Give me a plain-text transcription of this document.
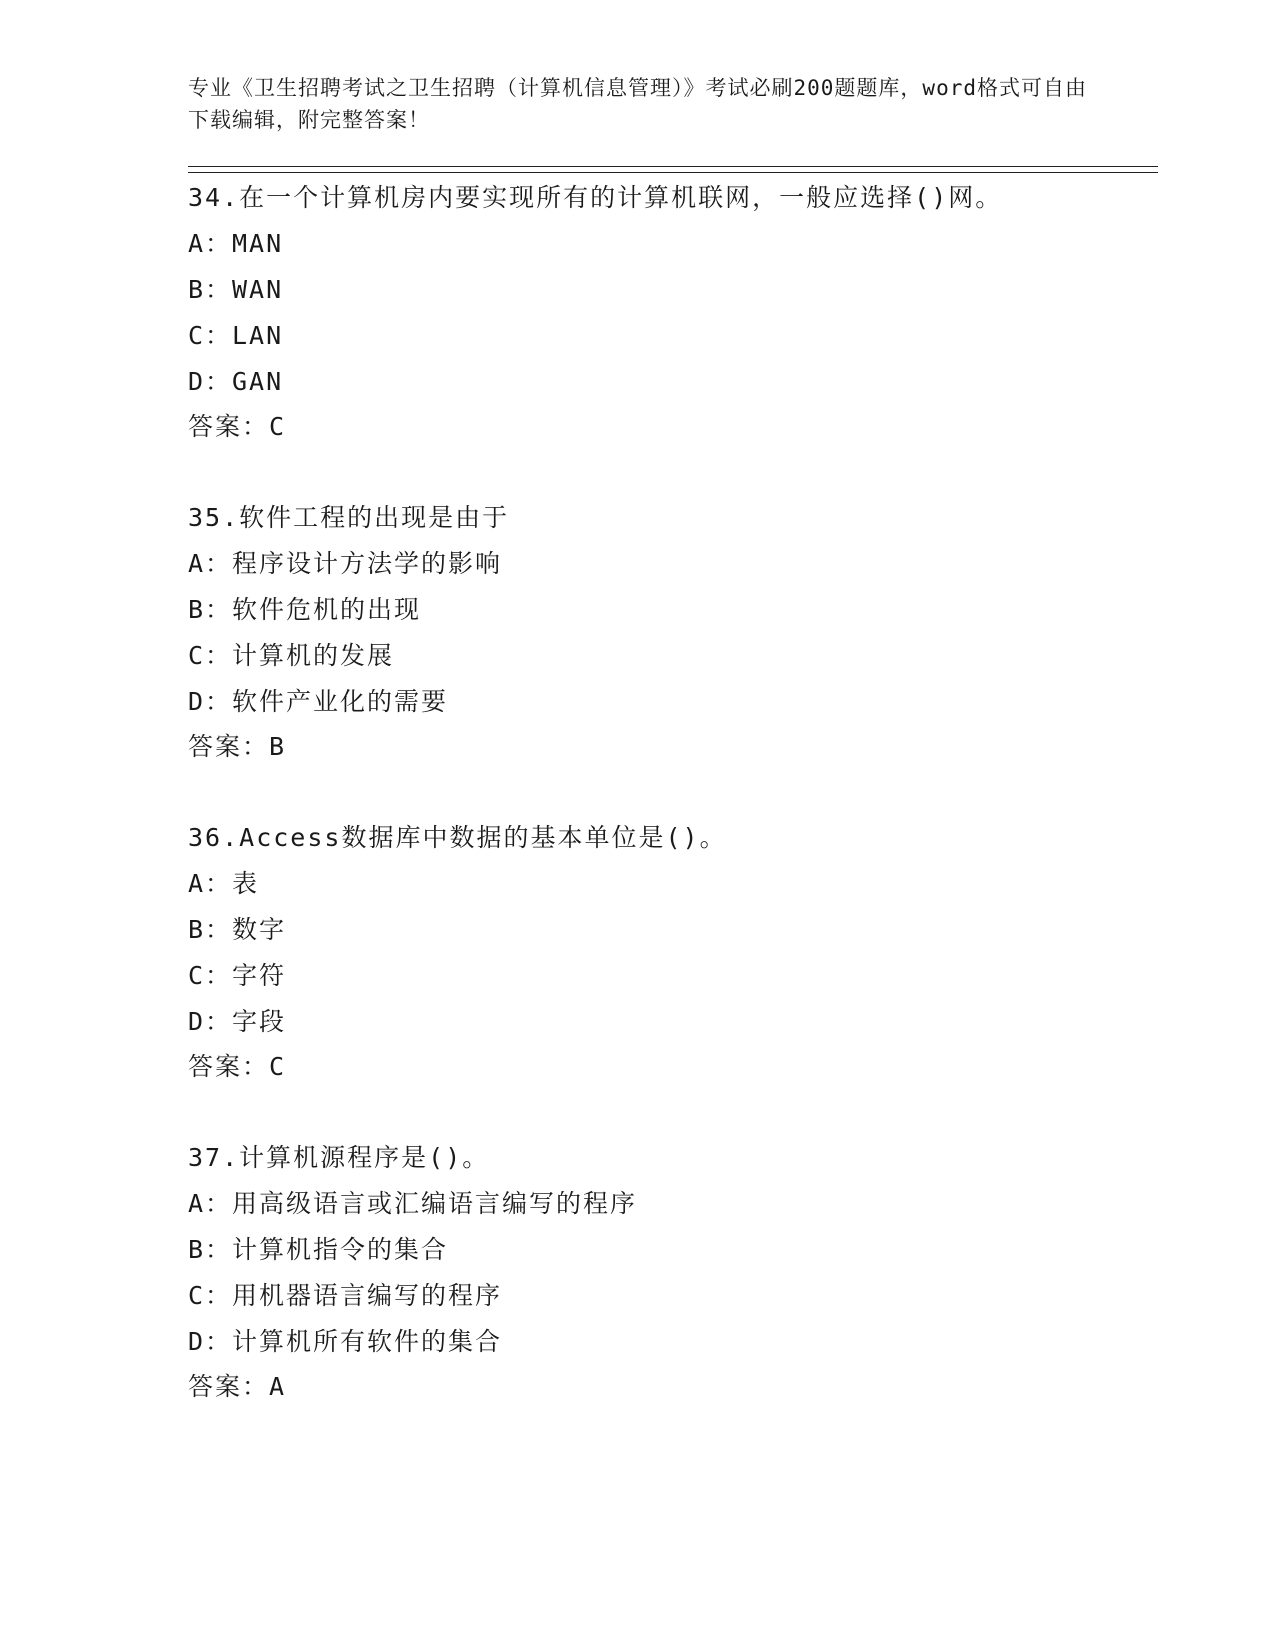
专业《卫生招聘考试之卫生招聘（计算机信息管理）》考试必刷200题题库，word格式可自由下载编辑，附完整答案！
34.在一个计算机房内要实现所有的计算机联网，一般应选择()网。
A：MAN
B：WAN
C：LAN
D：GAN
答案：C
35.软件工程的出现是由于
A：程序设计方法学的影响
B：软件危机的出现
C：计算机的发展
D：软件产业化的需要
答案：B
36.Access数据库中数据的基本单位是()。
A：表
B：数字
C：字符
D：字段
答案：C
37.计算机源程序是()。
A：用高级语言或汇编语言编写的程序
B：计算机指令的集合
C：用机器语言编写的程序
D：计算机所有软件的集合
答案：A
